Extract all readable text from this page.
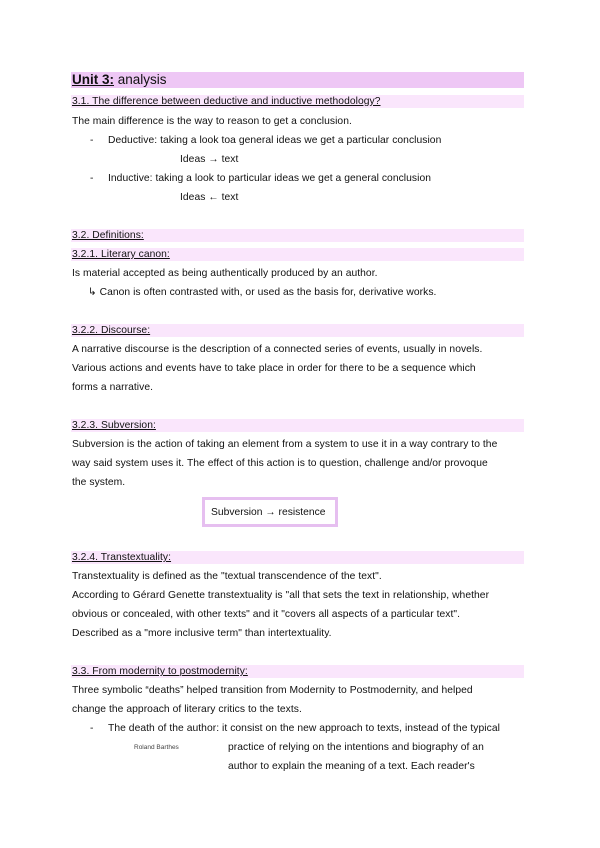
Unit 3: analysis
3.1. The difference between deductive and inductive methodology?
The main difference is the way to reason to get a conclusion.
- Deductive: taking a look toa general ideas we get a particular conclusion
Ideas → text
- Inductive: taking a look to particular ideas we get a general conclusion
Ideas ← text
3.2. Definitions:
3.2.1. Literary canon:
Is material accepted as being authentically produced by an author.
↳ Canon is often contrasted with, or used as the basis for, derivative works.
3.2.2. Discourse:
A narrative discourse is the description of a connected series of events, usually in novels.
Various actions and events have to take place in order for there to be a sequence which
forms a narrative.
3.2.3. Subversion:
Subversion is the action of taking an element from a system to use it in a way contrary to the
way said system uses it. The effect of this action is to question, challenge and/or provoque
the system.
Subversion → resistence
3.2.4. Transtextuality:
Transtextuality is defined as the "textual transcendence of the text".
According to Gérard Genette transtextuality is "all that sets the text in relationship, whether
obvious or concealed, with other texts" and it "covers all aspects of a particular text".
Described as a "more inclusive term" than intertextuality.
3.3. From modernity to postmodernity:
Three symbolic “deaths” helped transition from Modernity to Postmodernity, and helped
change the approach of literary critics to the texts.
- The death of the author: it consist on the new approach to texts, instead of the typical
Roland Barthes	practice of relying on the intentions and biography of an
author to explain the meaning of a text. Each reader's
